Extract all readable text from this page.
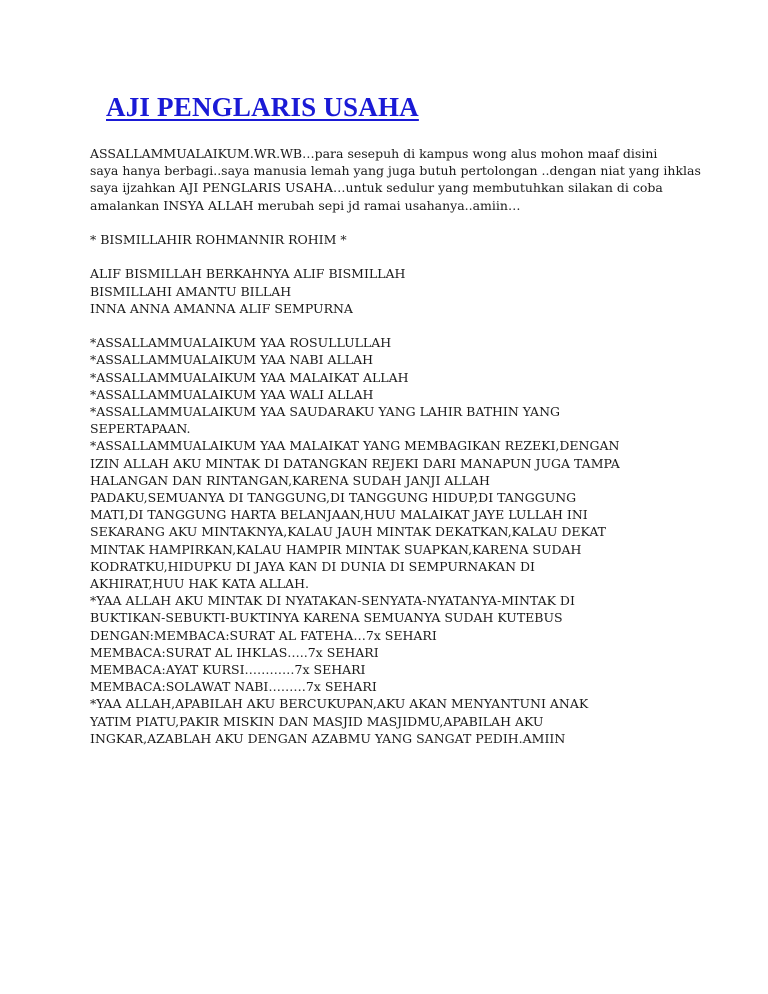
AJI PENGLARIS USAHA
ASSALLAMMUALAIKUM.WR.WB…para sesepuh di kampus wong alus mohon maaf disini
saya hanya berbagi..saya manusia lemah yang juga butuh pertolongan ..dengan niat yang ihklas
saya ijzahkan AJI PENGLARIS USAHA…untuk sedulur yang membutuhkan silakan di coba
amalankan INSYA ALLAH merubah sepi jd ramai usahanya..amiin…
* BISMILLAHIR ROHMANNIR ROHIM *
ALIF BISMILLAH BERKAHNYA ALIF BISMILLAH
BISMILLAHI AMANTU BILLAH
INNA ANNA AMANNA ALIF SEMPURNA
*ASSALLAMMUALAIKUM YAA ROSULLULLAH
*ASSALLAMMUALAIKUM YAA NABI ALLAH
*ASSALLAMMUALAIKUM YAA MALAIKAT ALLAH
*ASSALLAMMUALAIKUM YAA WALI ALLAH
*ASSALLAMMUALAIKUM YAA SAUDARAKU YANG LAHIR BATHIN YANG
SEPERTAPAAN.
*ASSALLAMMUALAIKUM YAA MALAIKAT YANG MEMBAGIKAN REZEKI,DENGAN
IZIN ALLAH AKU MINTAK DI DATANGKAN REJEKI DARI MANAPUN JUGA TAMPA
HALANGAN DAN RINTANGAN,KARENA SUDAH JANJI ALLAH
PADAKU,SEMUANYA DI TANGGUNG,DI TANGGUNG HIDUP,DI TANGGUNG
MATI,DI TANGGUNG HARTA BELANJAAN,HUU MALAIKAT JAYE LULLAH INI
SEKARANG AKU MINTAKNYA,KALAU JAUH MINTAK DEKATKAN,KALAU DEKAT
MINTAK HAMPIRKAN,KALAU HAMPIR MINTAK SUAPKAN,KARENA SUDAH
KODRATKU,HIDUPKU DI JAYA KAN DI DUNIA DI SEMPURNAKAN DI
AKHIRAT,HUU HAK KATA ALLAH.
*YAA ALLAH AKU MINTAK DI NYATAKAN-SENYATA-NYATANYA-MINTAK DI
BUKTIKAN-SEBUKTI-BUKTINYA KARENA SEMUANYA SUDAH KUTEBUS
DENGAN:MEMBACA:SURAT AL FATEHA…7x SEHARI
MEMBACA:SURAT AL IHKLAS…..7x SEHARI
MEMBACA:AYAT KURSI…………7x SEHARI
MEMBACA:SOLAWAT NABI………7x SEHARI
*YAA ALLAH,APABILAH AKU BERCUKUPAN,AKU AKAN MENYANTUNI ANAK
YATIM PIATU,PAKIR MISKIN DAN MASJID MASJIDMU,APABILAH AKU
INGKAR,AZABLAH AKU DENGAN AZABMU YANG SANGAT PEDIH.AMIIN
